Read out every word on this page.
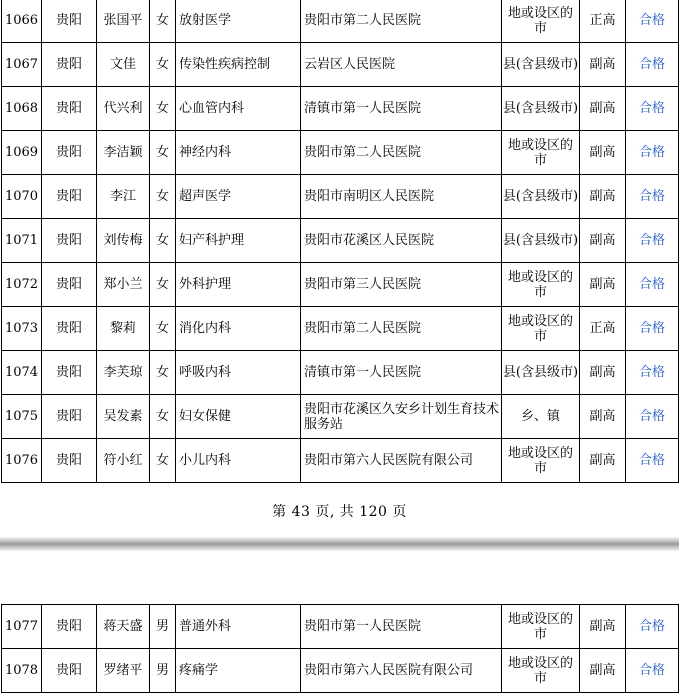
1066	贵阳	张国平	女	放射医学	贵阳市第二人民医院	地或设区的市	正高	合格
1067	贵阳	文佳	女	传染性疾病控制	云岩区人民医院	县(含县级市)	副高	合格
1068	贵阳	代兴利	女	心血管内科	清镇市第一人民医院	县(含县级市)	副高	合格
1069	贵阳	李洁颖	女	神经内科	贵阳市第二人民医院	地或设区的市	副高	合格
1070	贵阳	李江	女	超声医学	贵阳市南明区人民医院	县(含县级市)	副高	合格
1071	贵阳	刘传梅	女	妇产科护理	贵阳市花溪区人民医院	县(含县级市)	副高	合格
1072	贵阳	郑小兰	女	外科护理	贵阳市第三人民医院	地或设区的市	副高	合格
1073	贵阳	黎莉	女	消化内科	贵阳市第二人民医院	地或设区的市	正高	合格
1074	贵阳	李芙琼	女	呼吸内科	清镇市第一人民医院	县(含县级市)	副高	合格
1075	贵阳	吴发素	女	妇女保健	贵阳市花溪区久安乡计划生育技术服务站	乡、镇	副高	合格
1076	贵阳	符小红	女	小儿内科	贵阳市第六人民医院有限公司	地或设区的市	副高	合格
第 43 页, 共 120 页
1077	贵阳	蒋天盛	男	普通外科	贵阳市第一人民医院	地或设区的市	副高	合格
1078	贵阳	罗绪平	男	疼痛学	贵阳市第六人民医院有限公司	地或设区的市	副高	合格
